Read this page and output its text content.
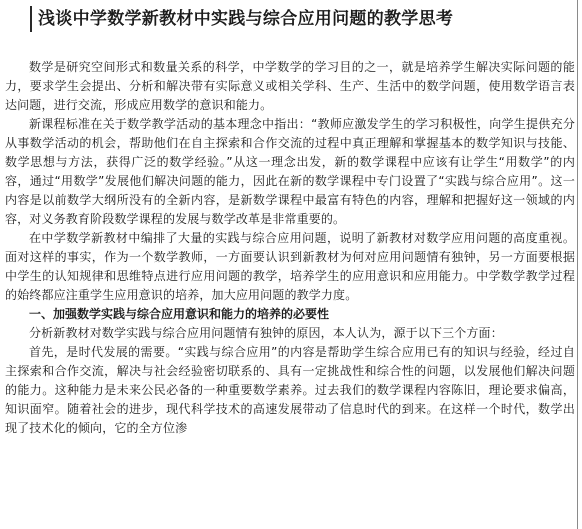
浅谈中学数学新教材中实践与综合应用问题的教学思考

数学是研究空间形式和数量关系的科学，中学数学的学习目的之一，就是培养学生解决实际问题的能力，要求学生会提出、分析和解决带有实际意义或相关学科、生产、生活中的数学问题，使用数学语言表达问题，进行交流，形成应用数学的意识和能力。

新课程标准在关于数学教学活动的基本理念中指出：“教师应激发学生的学习积极性，向学生提供充分从事数学活动的机会，帮助他们在自主探索和合作交流的过程中真正理解和掌握基本的数学知识与技能、数学思想与方法，获得广泛的数学经验。”从这一理念出发，新的数学课程中应该有让学生“用数学”的内容，通过“用数学”发展他们解决问题的能力，因此在新的数学课程中专门设置了“实践与综合应用”。这一内容是以前数学大纲所没有的全新内容，是新数学课程中最富有特色的内容，理解和把握好这一领域的内容，对义务教育阶段数学课程的发展与数学改革是非常重要的。

在中学数学新教材中编排了大量的实践与综合应用问题，说明了新教材对数学应用问题的高度重视。面对这样的事实，作为一个数学教师，一方面要认识到新教材为何对应用问题情有独钟，另一方面要根据中学生的认知规律和思维特点进行应用问题的教学，培养学生的应用意识和应用能力。中学数学教学过程的始终都应注重学生应用意识的培养，加大应用问题的教学力度。

一、加强数学实践与综合应用意识和能力的培养的必要性

分析新教材对数学实践与综合应用问题情有独钟的原因，本人认为，源于以下三个方面：

首先，是时代发展的需要。“实践与综合应用”的内容是帮助学生综合应用已有的知识与经验，经过自主探索和合作交流，解决与社会经验密切联系的、具有一定挑战性和综合性的问题，以发展他们解决问题的能力。这种能力是未来公民必备的一种重要数学素养。过去我们的数学课程内容陈旧，理论要求偏高，知识面窄。随着社会的进步，现代科学技术的高速发展带动了信息时代的到来。在这样一个时代，数学出现了技术化的倾向，它的全方位渗
